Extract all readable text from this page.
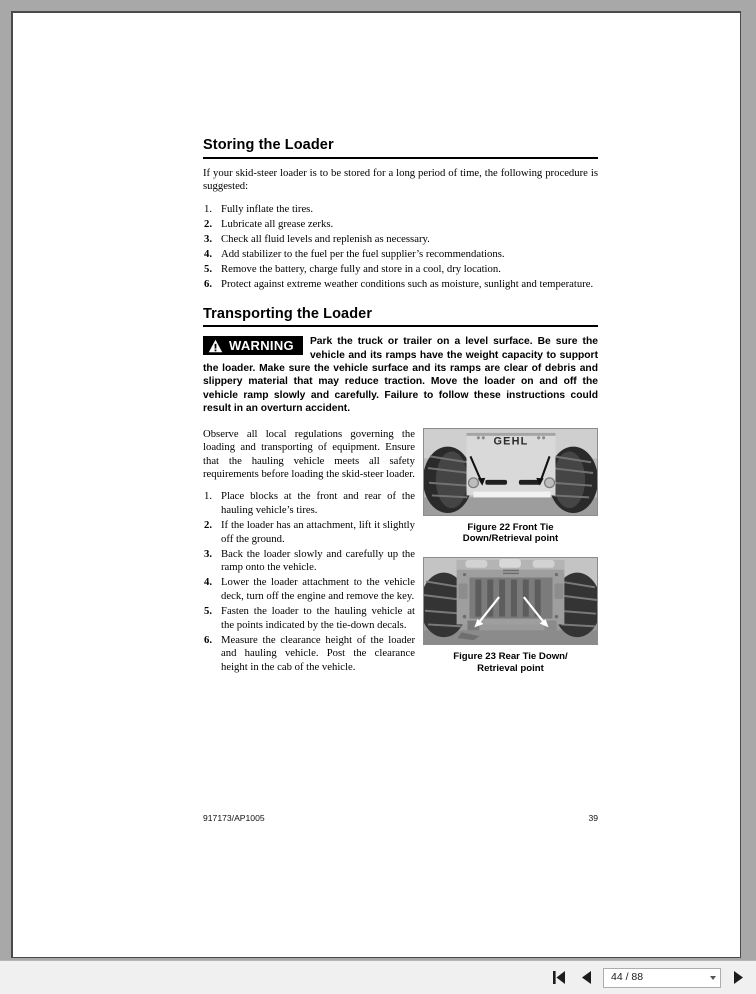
Storing the Loader

If your skid-steer loader is to be stored for a long period of time, the following procedure is suggested:

1. Fully inflate the tires.
2. Lubricate all grease zerks.
3. Check all fluid levels and replenish as necessary.
4. Add stabilizer to the fuel per the fuel supplier’s recommendations.
5. Remove the battery, charge fully and store in a cool, dry location.
6. Protect against extreme weather conditions such as moisture, sunlight and temperature.
Transporting the Loader
WARNING	Park the truck or trailer on a level surface. Be sure the vehicle and its ramps have the weight capacity to support the loader. Make sure the vehicle surface and its ramps are clear of debris and slippery material that may reduce traction. Move the loader on and off the vehicle ramp slowly and carefully. Failure to follow these instructions could result in an overturn accident.

Observe all local regulations governing the loading and transporting of equipment. Ensure that the hauling vehicle meets all safety requirements before loading the skid-steer loader.

1. Place blocks at the front and rear of the hauling vehicle’s tires.
2. If the loader has an attachment, lift it slightly off the ground.
3. Back the loader slowly and carefully up the ramp onto the vehicle.
4. Lower the loader attachment to the vehicle deck, turn off the engine and remove the key.
5. Fasten the loader to the hauling vehicle at the points indicated by the tie-down decals.
6. Measure the clearance height of the loader and hauling vehicle. Post the clearance height in the cab of the vehicle.
GEHL
Figure 22 Front Tie
Down/Retrieval point
Figure 23 Rear Tie Down/
Retrieval point
917173/AP1005	39
44 / 88
